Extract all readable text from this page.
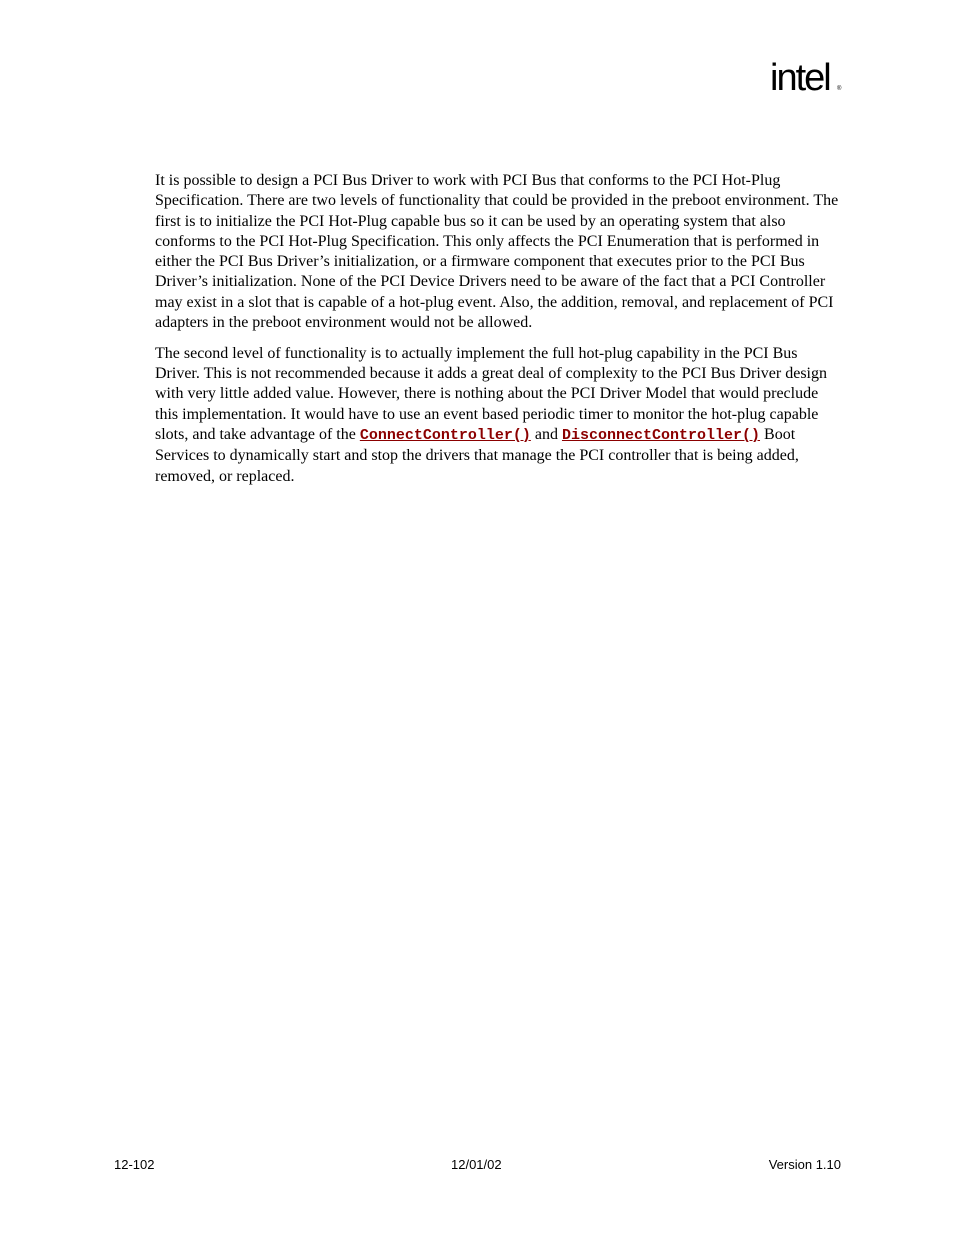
intel ®

It is possible to design a PCI Bus Driver to work with PCI Bus that conforms to the PCI Hot-Plug Specification. There are two levels of functionality that could be provided in the preboot environment. The first is to initialize the PCI Hot-Plug capable bus so it can be used by an operating system that also conforms to the PCI Hot-Plug Specification. This only affects the PCI Enumeration that is performed in either the PCI Bus Driver’s initialization, or a firmware component that executes prior to the PCI Bus Driver’s initialization. None of the PCI Device Drivers need to be aware of the fact that a PCI Controller may exist in a slot that is capable of a hot-plug event. Also, the addition, removal, and replacement of PCI adapters in the preboot environment would not be allowed.

The second level of functionality is to actually implement the full hot-plug capability in the PCI Bus Driver. This is not recommended because it adds a great deal of complexity to the PCI Bus Driver design with very little added value. However, there is nothing about the PCI Driver Model that would preclude this implementation. It would have to use an event based periodic timer to monitor the hot-plug capable slots, and take advantage of the ConnectController() and DisconnectController() Boot Services to dynamically start and stop the drivers that manage the PCI controller that is being added, removed, or replaced.

12-102	12/01/02	Version 1.10
